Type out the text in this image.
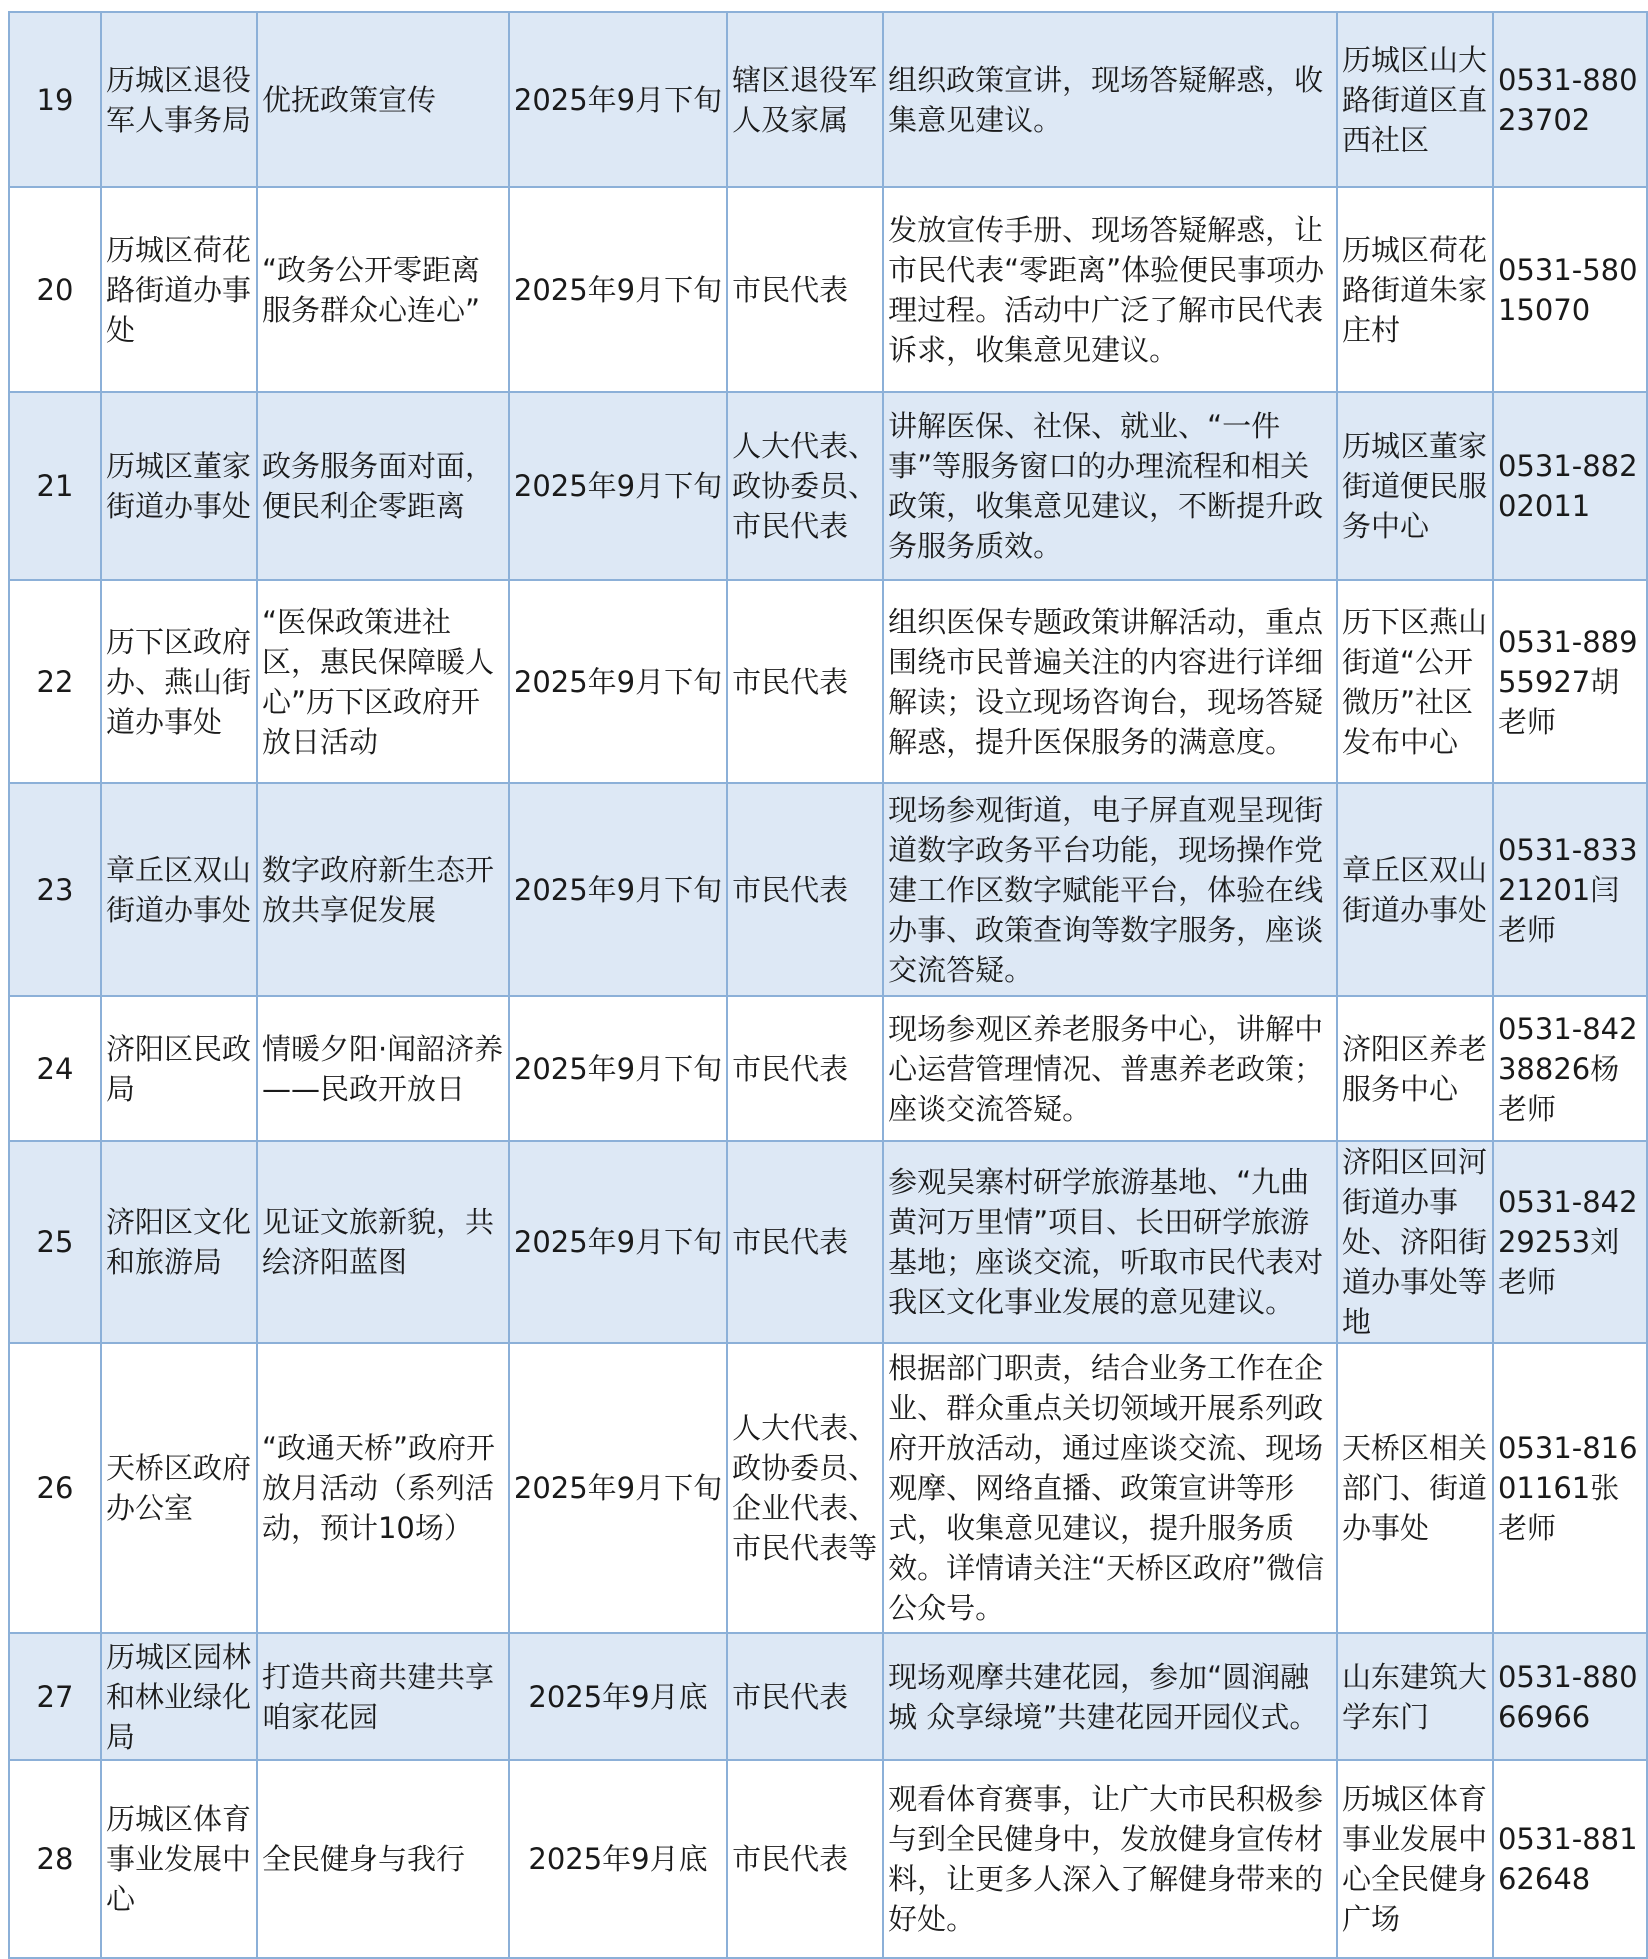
19	历城区退役军人事务局	优抚政策宣传	2025年9月下旬	辖区退役军人及家属	组织政策宣讲，现场答疑解惑，收集意见建议。	历城区山大路街道区直西社区	0531-88023702
20	历城区荷花路街道办事处	“政务公开零距离服务群众心连心”	2025年9月下旬	市民代表	发放宣传手册、现场答疑解惑，让市民代表“零距离”体验便民事项办理过程。活动中广泛了解市民代表诉求，收集意见建议。	历城区荷花路街道朱家庄村	0531-58015070
21	历城区董家街道办事处	政务服务面对面，便民利企零距离	2025年9月下旬	人大代表、政协委员、市民代表	讲解医保、社保、就业、“一件事”等服务窗口的办理流程和相关政策，收集意见建议，不断提升政务服务质效。	历城区董家街道便民服务中心	0531-88202011
22	历下区政府办、燕山街道办事处	“医保政策进社区，惠民保障暖人心”历下区政府开放日活动	2025年9月下旬	市民代表	组织医保专题政策讲解活动，重点围绕市民普遍关注的内容进行详细解读；设立现场咨询台，现场答疑解惑，提升医保服务的满意度。	历下区燕山街道“公开微历”社区发布中心	0531-88955927胡老师
23	章丘区双山街道办事处	数字政府新生态开放共享促发展	2025年9月下旬	市民代表	现场参观街道，电子屏直观呈现街道数字政务平台功能，现场操作党建工作区数字赋能平台，体验在线办事、政策查询等数字服务，座谈交流答疑。	章丘区双山街道办事处	0531-83321201闫老师
24	济阳区民政局	情暖夕阳·闻韶济养——民政开放日	2025年9月下旬	市民代表	现场参观区养老服务中心，讲解中心运营管理情况、普惠养老政策；座谈交流答疑。	济阳区养老服务中心	0531-84238826杨老师
25	济阳区文化和旅游局	见证文旅新貌，共绘济阳蓝图	2025年9月下旬	市民代表	参观吴寨村研学旅游基地、“九曲黄河万里情”项目、长田研学旅游基地；座谈交流，听取市民代表对我区文化事业发展的意见建议。	济阳区回河街道办事处、济阳街道办事处等地	0531-84229253刘老师
26	天桥区政府办公室	“政通天桥”政府开放月活动（系列活动，预计10场）	2025年9月下旬	人大代表、政协委员、企业代表、市民代表等	根据部门职责，结合业务工作在企业、群众重点关切领域开展系列政府开放活动，通过座谈交流、现场观摩、网络直播、政策宣讲等形式，收集意见建议，提升服务质效。详情请关注“天桥区政府”微信公众号。	天桥区相关部门、街道办事处	0531-81601161张老师
27	历城区园林和林业绿化局	打造共商共建共享咱家花园	2025年9月底	市民代表	现场观摩共建花园，参加“圆润融城 众享绿境”共建花园开园仪式。	山东建筑大学东门	0531-88066966
28	历城区体育事业发展中心	全民健身与我行	2025年9月底	市民代表	观看体育赛事，让广大市民积极参与到全民健身中，发放健身宣传材料，让更多人深入了解健身带来的好处。	历城区体育事业发展中心全民健身广场	0531-88162648
